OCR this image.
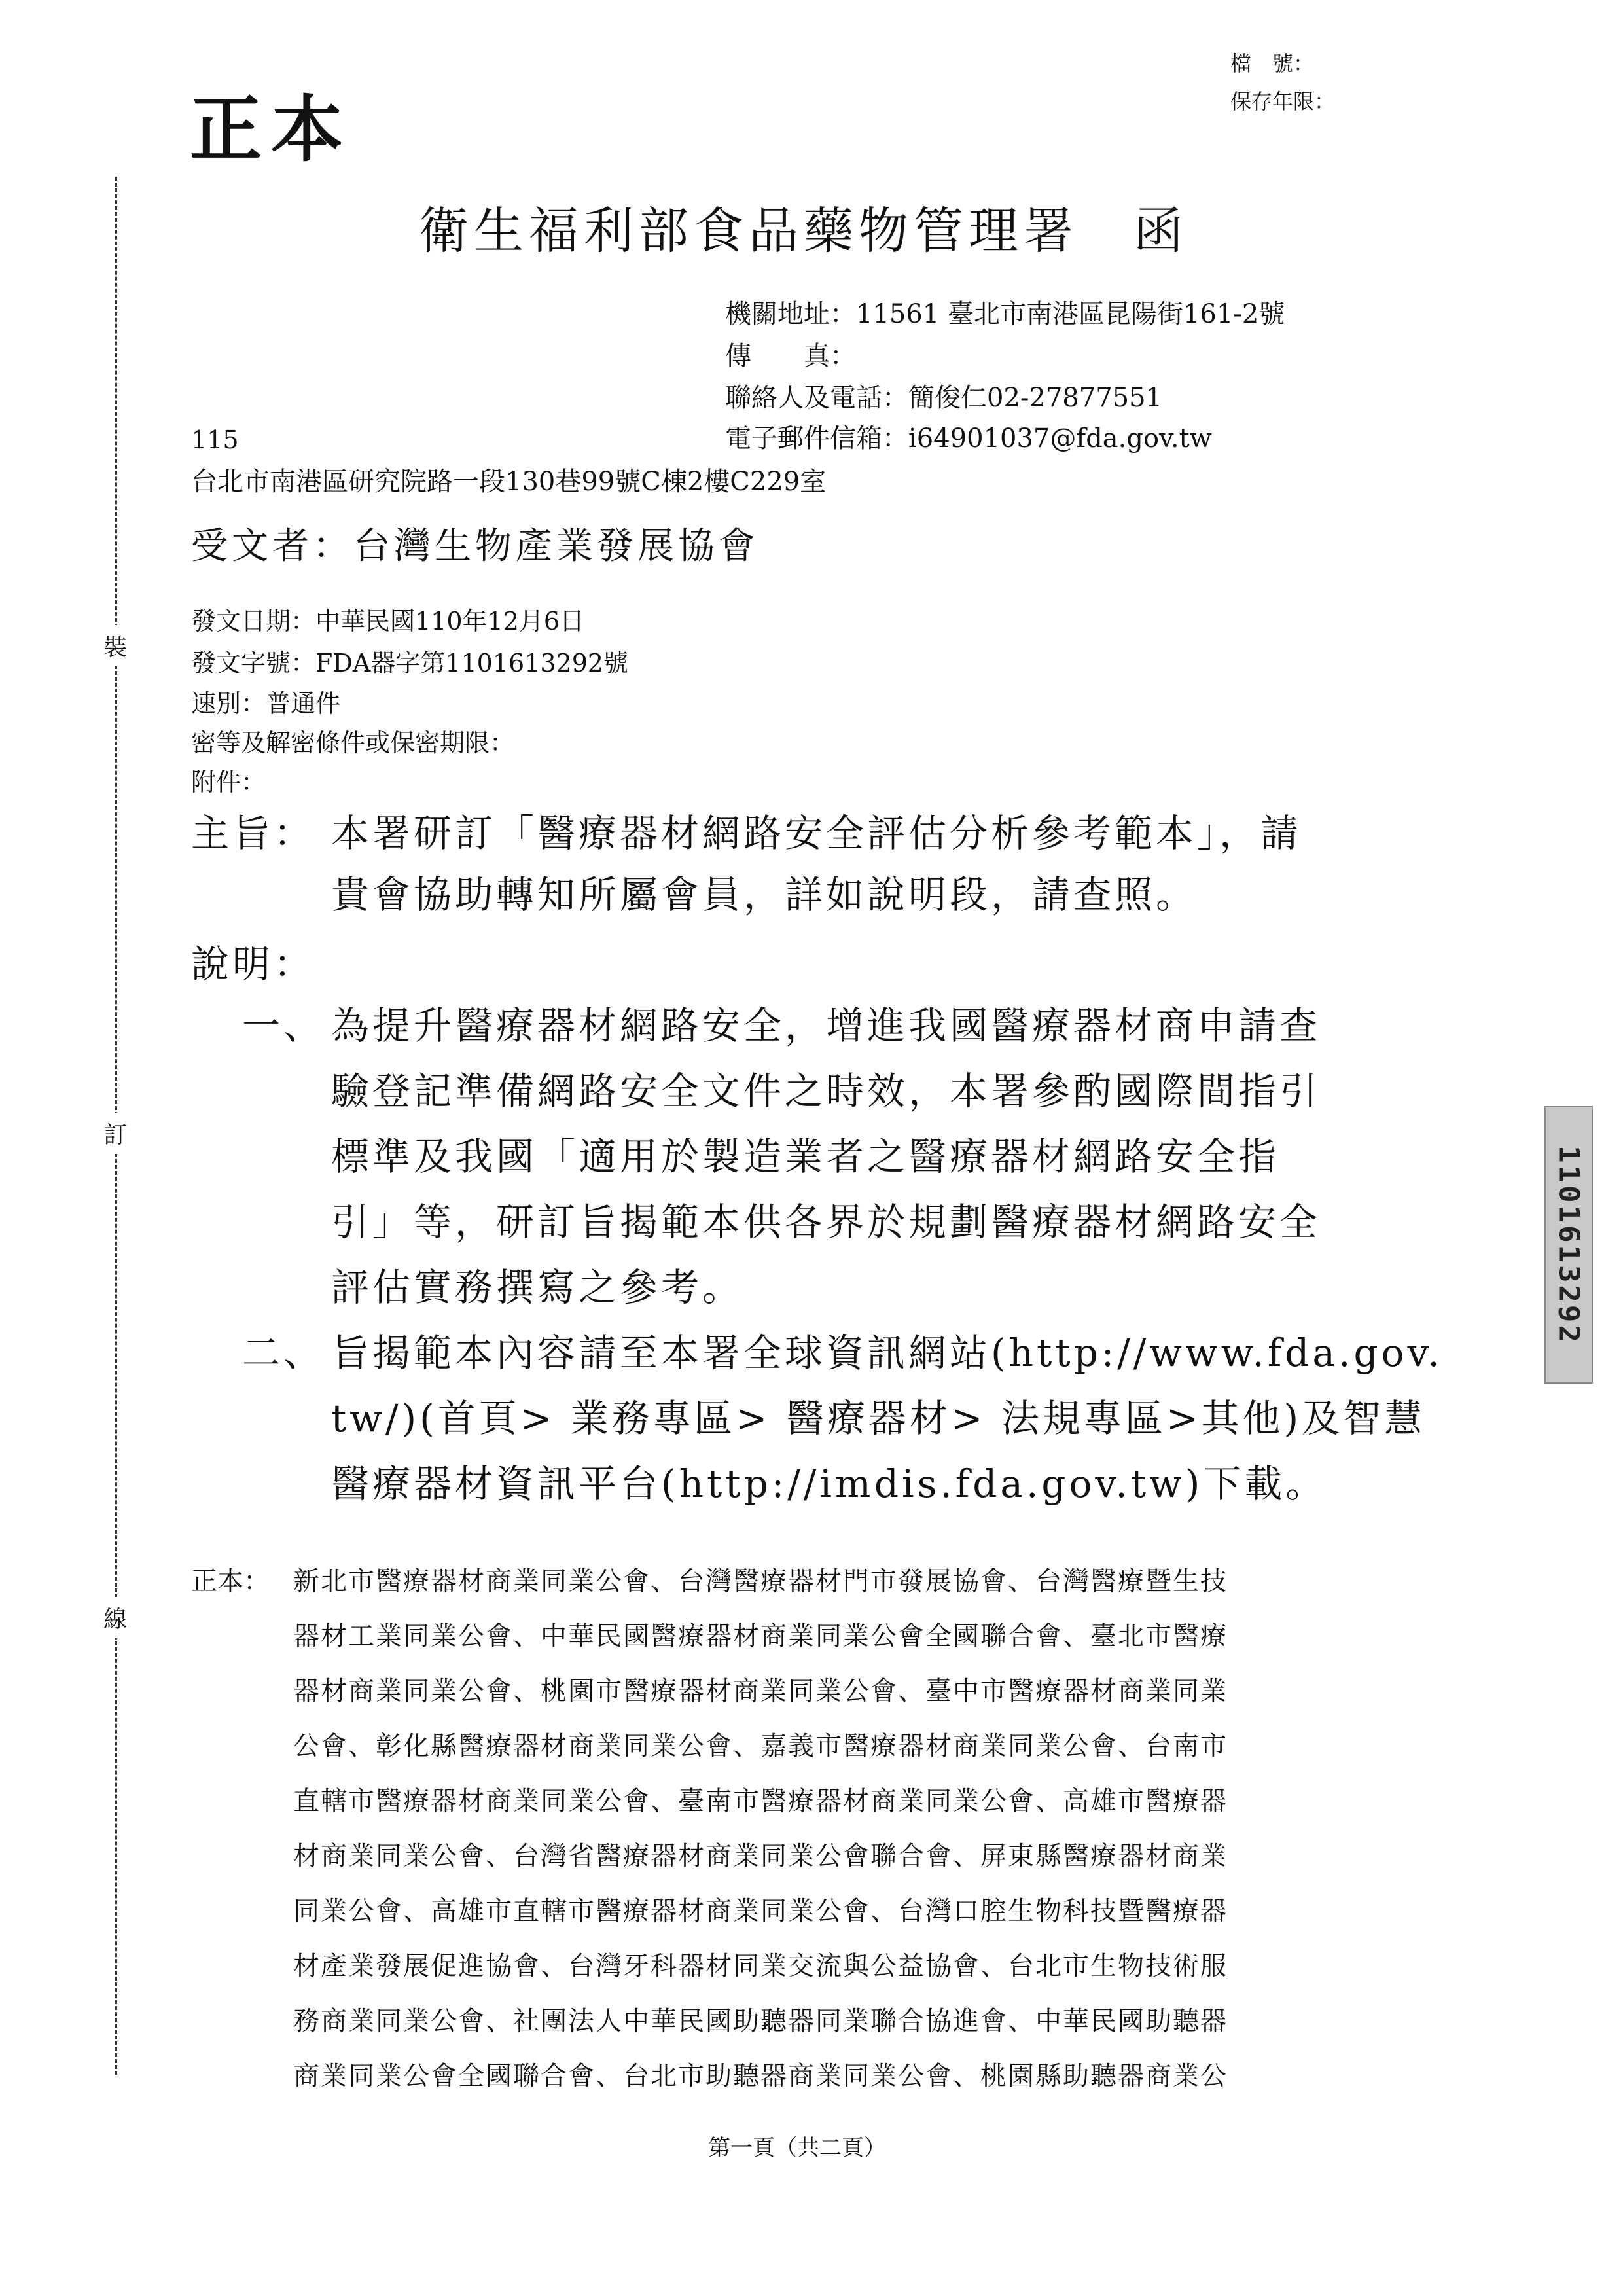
裝
訂
線
正本
檔　號：
保存年限：
衛生福利部食品藥物管理署　函
機關地址：11561 臺北市南港區昆陽街161-2號
傳　　真：
聯絡人及電話：簡俊仁02-27877551
電子郵件信箱：i64901037@fda.gov.tw
115
台北市南港區研究院路一段130巷99號C棟2樓C229室
受文者：台灣生物產業發展協會
發文日期：中華民國110年12月6日
發文字號：FDA器字第1101613292號
速別：普通件
密等及解密條件或保密期限：
附件：
主旨： 本署研訂「醫療器材網路安全評估分析參考範本」，請
貴會協助轉知所屬會員，詳如說明段，請查照。
說明：
一、 為提升醫療器材網路安全，增進我國醫療器材商申請查
驗登記準備網路安全文件之時效，本署參酌國際間指引
標準及我國「適用於製造業者之醫療器材網路安全指
引」等，研訂旨揭範本供各界於規劃醫療器材網路安全
評估實務撰寫之參考。
二、 旨揭範本內容請至本署全球資訊網站(http://www.fda.gov.
tw/)(首頁> 業務專區> 醫療器材> 法規專區>其他)及智慧
醫療器材資訊平台(http://imdis.fda.gov.tw)下載。
正本： 新北市醫療器材商業同業公會、台灣醫療器材門市發展協會、台灣醫療暨生技
器材工業同業公會、中華民國醫療器材商業同業公會全國聯合會、臺北市醫療
器材商業同業公會、桃園市醫療器材商業同業公會、臺中市醫療器材商業同業
公會、彰化縣醫療器材商業同業公會、嘉義市醫療器材商業同業公會、台南市
直轄市醫療器材商業同業公會、臺南市醫療器材商業同業公會、高雄市醫療器
材商業同業公會、台灣省醫療器材商業同業公會聯合會、屏東縣醫療器材商業
同業公會、高雄市直轄市醫療器材商業同業公會、台灣口腔生物科技暨醫療器
材產業發展促進協會、台灣牙科器材同業交流與公益協會、台北市生物技術服
務商業同業公會、社團法人中華民國助聽器同業聯合協進會、中華民國助聽器
商業同業公會全國聯合會、台北市助聽器商業同業公會、桃園縣助聽器商業公
1101613292
第一頁（共二頁）
